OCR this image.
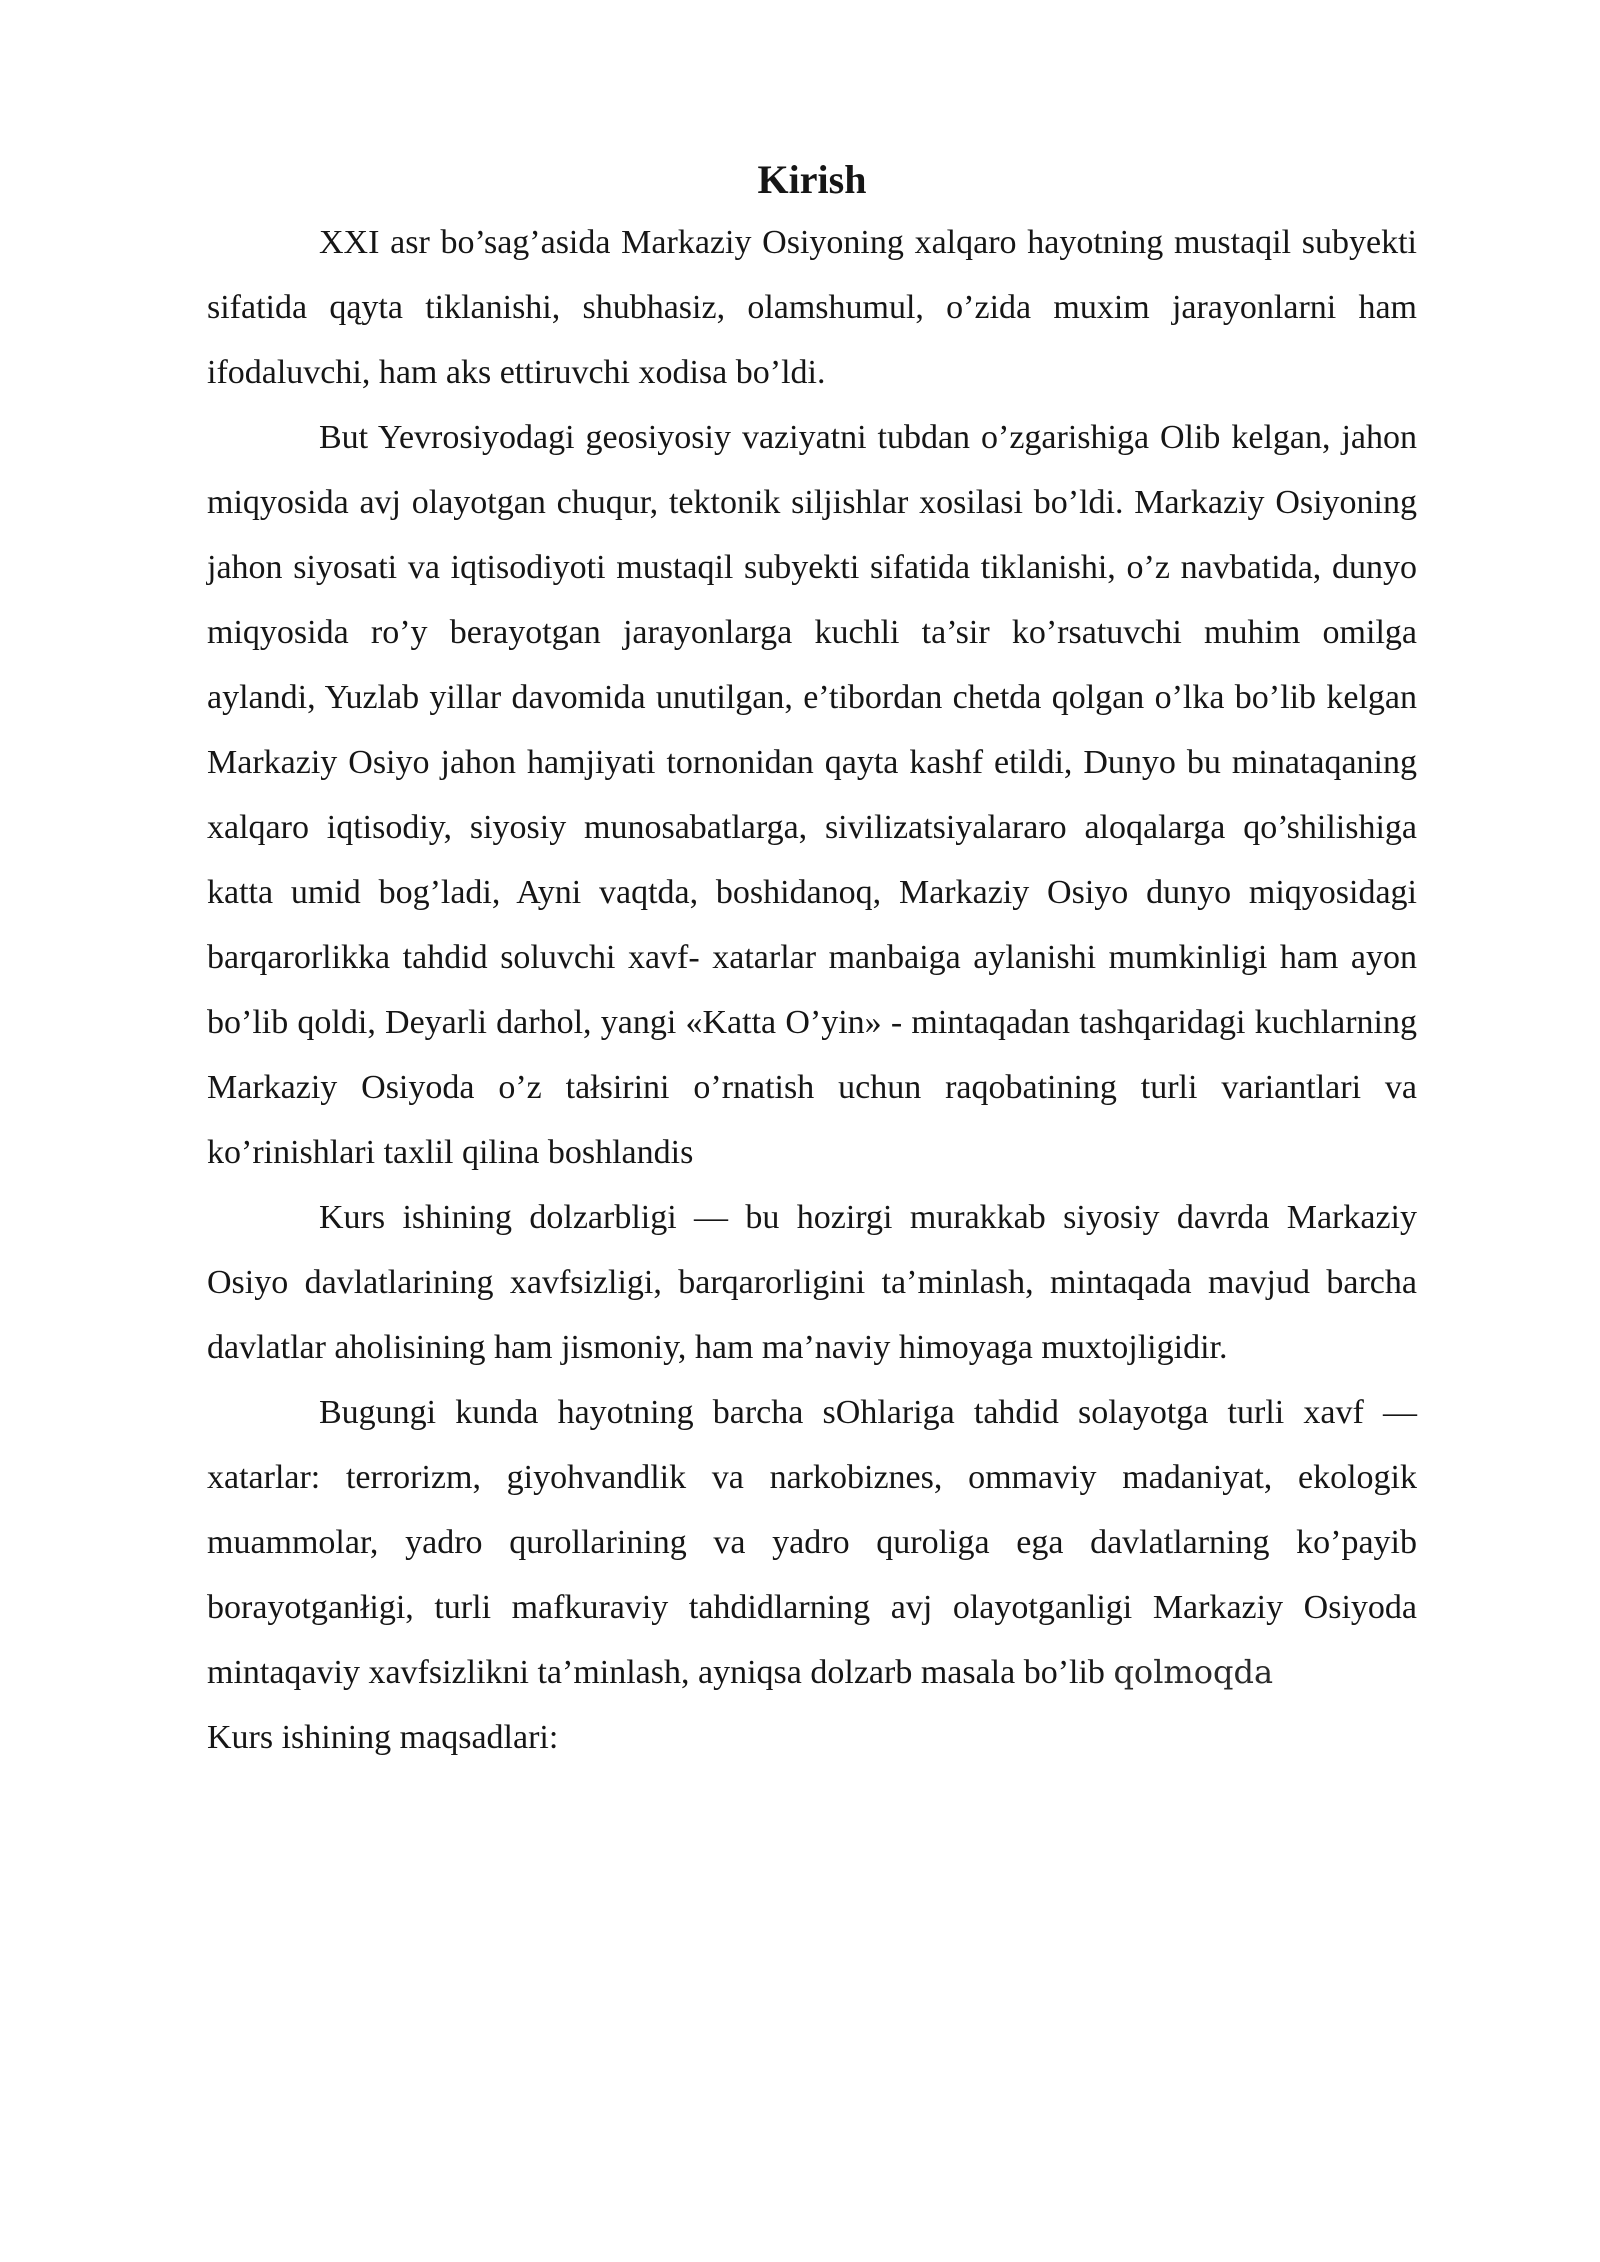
Kirish

XXI asr bo’sag’asida Markaziy Osiyoning xalqaro hayotning mustaqil subyekti sifatida qąyta tiklanishi, shubhasiz, olamshumul, o’zida muxim jarayonlarni ham ifodaluvchi, ham aks ettiruvchi xodisa bo’ldi.

But Yevrosiyodagi geosiyosiy vaziyatni tubdan o’zgarishiga Olib kelgan, jahon miqyosida avj olayotgan chuqur, tektonik siljishlar xosilasi bo’ldi. Markaziy Osiyoning jahon siyosati va iqtisodiyoti mustaqil subyekti sifatida tiklanishi, o’z navbatida, dunyo miqyosida ro’y berayotgan jarayonlarga kuchli ta’sir ko’rsatuvchi muhim omilga aylandi, Yuzlab yillar davomida unutilgan, e’tibordan chetda qolgan o’lka bo’lib kelgan Markaziy Osiyo jahon hamjiyati tornonidan qayta kashf etildi, Dunyo bu minataqaning xalqaro iqtisodiy, siyosiy munosabatlarga, sivilizatsiyalararo aloqalarga qo’shilishiga katta umid bog’ladi, Ayni vaqtda, boshidanoq, Markaziy Osiyo dunyo miqyosidagi barqarorlikka tahdid soluvchi xavf- xatarlar manbaiga aylanishi mumkinligi ham ayon bo’lib qoldi, Deyarli darhol, yangi «Katta O’yin» - mintaqadan tashqaridagi kuchlarning Markaziy Osiyoda o’z tałsirini o’rnatish uchun raqobatining turli variantlari va ko’rinishlari taxlil qilina boshlandis

Kurs ishining dolzarbligi — bu hozirgi murakkab siyosiy davrda Markaziy Osiyo davlatlarining xavfsizligi, barqarorligini ta’minlash, mintaqada mavjud barcha davlatlar aholisining ham jismoniy, ham ma’naviy himoyaga muxtojligidir.

Bugungi kunda hayotning barcha sOhlariga tahdid solayotga turli xavf — xatarlar: terrorizm, giyohvandlik va narkobiznes, ommaviy madaniyat, ekologik muammolar, yadro qurollarining va yadro quroliga ega davlatlarning ko’payib borayotganłigi, turli mafkuraviy tahdidlarning avj olayotganligi Markaziy Osiyoda mintaqaviy xavfsizlikni ta’minlash, ayniqsa dolzarb masala bo’lib qolmoqda

Kurs ishining maqsadlari:
